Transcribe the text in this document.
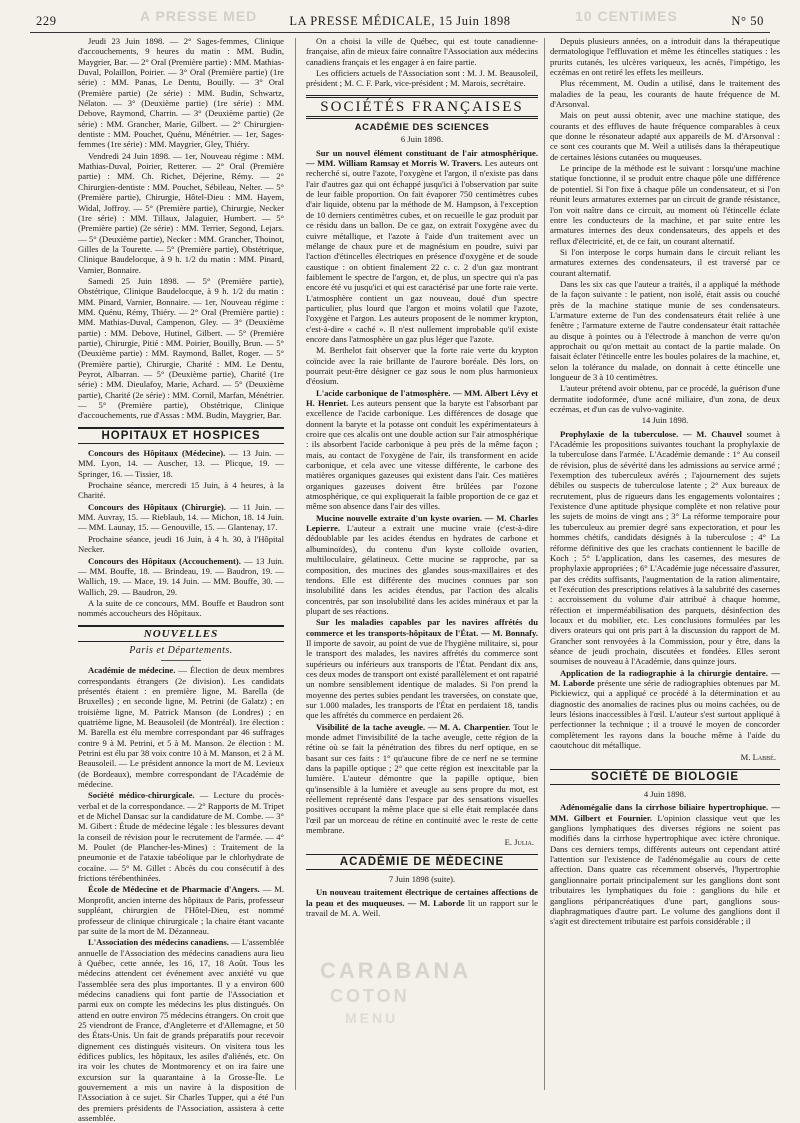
A PRESSE MED	10 CENTIMES
CARABANA
COTON
MENU
229	LA PRESSE MÉDICALE, 15 Juin 1898	N° 50

Jeudi 23 Juin 1898. — 2° Sages-femmes, Clinique d'accouchements, 9 heures du matin : MM. Budin, Maygrier, Bar. — 2° Oral (Première partie) : MM. Mathias-Duval, Polaillon, Poirier. — 3° Oral (Première partie) (1re série) : MM. Panas, Le Dentu, Bouilly. — 3° Oral (Première partie) (2e série) : MM. Budin, Schwartz, Nélaton. — 3° (Deuxième partie) (1re série) : MM. Debove, Raymond, Charrin. — 3° (Deuxième partie) (2e série) : MM. Grancher, Marie, Gilbert. — 2° Chirurgien-dentiste : MM. Pouchet, Quénu, Ménétrier. — 1er, Sages-femmes (1re série) : MM. Maygrier, Gley, Thiéry.

Vendredi 24 Juin 1898. — 1er, Nouveau régime : MM. Mathias-Duval, Poirier, Retterer. — 2° Oral (Première partie) : MM. Ch. Richet, Déjerine, Rémy. — 2° Chirurgien-dentiste : MM. Pouchet, Sébileau, Nelter. — 5° (Première partie), Chirurgie, Hôtel-Dieu : MM. Hayem, Widal, Joffroy. — 5° (Première partie), Chirurgie, Necker (1re série) : MM. Tillaux, Jalaguier, Humbert. — 5° (Première partie) (2e série) : MM. Terrier, Segond, Lejars. — 5° (Deuxième partie), Necker : MM. Grancher, Thoinot, Gilles de la Tourette. — 5° (Première partie), Obstétrique, Clinique Baudelocque, à 9 h. 1/2 du matin : MM. Pinard, Varnier, Bonnaire.

Samedi 25 Juin 1898. — 5° (Première partie), Obstétrique, Clinique Baudelocque, à 9 h. 1/2 du matin : MM. Pinard, Varnier, Bonnaire. — 1er, Nouveau régime : MM. Quénu, Rémy, Thiéry. — 2° Oral (Première partie) : MM. Mathias-Duval, Campenon, Gley. — 3° (Deuxième partie) : MM. Debove, Hutinel, Gilbert. — 5° (Première partie), Chirurgie, Pitié : MM. Poirier, Bouilly, Brun. — 5° (Deuxième partie) : MM. Raymond, Ballet, Roger. — 5° (Première partie), Chirurgie, Charité : MM. Le Dentu, Peyrot, Albarran. — 5° (Deuxième partie), Charité (1re série) : MM. Dieulafoy, Marie, Achard. — 5° (Deuxième partie), Charité (2e série) : MM. Cornil, Marfan, Ménétrier. — 5° (Première partie), Obstétrique, Clinique d'accouchements, rue d'Assas : MM. Budin, Maygrier, Bar.

HOPITAUX ET HOSPICES

Concours des Hôpitaux (Médecine). — 13 Juin. — MM. Lyon, 14. — Auscher, 13. — Plicque, 19. — Springer, 16. — Tissier, 18.

Prochaine séance, mercredi 15 Juin, à 4 heures, à la Charité.

Concours des Hôpitaux (Chirurgie). — 11 Juin. — MM. Auvray, 15. — Rieblaub, 14. — Michon, 18. 14 Juin. — MM. Launay, 15. — Genouville, 15. — Glantenay, 17.

Prochaine séance, jeudi 16 Juin, à 4 h. 30, à l'Hôpital Necker.

Concours des Hôpitaux (Accouchement). — 13 Juin. — MM. Bouffe, 18. — Brindeau, 19. — Baudron, 19. — Wallich, 19. — Mace, 19. 14 Juin. — MM. Bouffe, 30. — Wallich, 29. — Baudron, 29.

A la suite de ce concours, MM. Bouffe et Baudron sont nommés accoucheurs des Hôpitaux.

NOUVELLES
Paris et Départements.

Académie de médecine. — Élection de deux membres correspondants étrangers (2e division). Les candidats présentés étaient : en première ligne, M. Barella (de Bruxelles) ; en seconde ligne, M. Petrini (de Galatz) ; en troisième ligne, M. Patrick Manson (de Londres) ; en quatrième ligne, M. Beausoleil (de Montréal). 1re élection : M. Barella est élu membre correspondant par 46 suffrages contre 9 à M. Petrini, et 5 à M. Manson. 2e élection : M. Petrini est élu par 38 voix contre 10 à M. Manson, et 2 à M. Beausoleil. — Le président annonce la mort de M. Levieux (de Bordeaux), membre correspondant de l'Académie de médecine.

Société médico-chirurgicale. — Lecture du procès-verbal et de la correspondance. — 2° Rapports de M. Tripet et de Michel Dansac sur la candidature de M. Combe. — 3° M. Gibert : Étude de médecine légale : les blessures devant la conseil de révision pour le recrutement de l'armée. — 4° M. Poulet (de Plancher-les-Mines) : Traitement de la pneumonie et de l'ataxie tabéolique par le chlorhydrate de cocaïne. — 5° M. Gillet : Abcès du cou consécutif à des frictions térébenthinées.

École de Médecine et de Pharmacie d'Angers. — M. Monprofit, ancien interne des hôpitaux de Paris, professeur suppléant, chirurgien de l'Hôtel-Dieu, est nommé professeur de clinique chirurgicale ; la chaire étant vacante par suite de la mort de M. Dézanneau.

L'Association des médecins canadiens. — L'assemblée annuelle de l'Association des médecins canadiens aura lieu à Québec, cette année, les 16, 17, 18 Août. Tous les médecins attendent cet événement avec anxiété vu que l'assemblée sera des plus importantes. Il y a environ 600 médecins canadiens qui font partie de l'Association et parmi eux on compte les médecins les plus distingués. On attend en outre environ 75 médecins étrangers. On croit que 25 viendront de France, d'Angleterre et d'Allemagne, et 50 des États-Unis. Un fait de grands préparatifs pour recevoir dignement ces distingués visiteurs. On visitera tous les édifices publics, les hôpitaux, les asiles d'aliénés, etc. On ira voir les chutes de Montmorency et on ira faire une excursion sur la quarantaine à la Grosse-Île. Le gouvernement a mis un navire à la disposition de l'Association à ce sujet. Sir Charles Tupper, qui a été l'un des premiers présidents de l'Association, assistera à cette assemblée.

On a choisi la ville de Québec, qui est toute canadienne-française, afin de mieux faire connaître l'Association aux médecins canadiens français et les engager à en faire partie.

Les officiers actuels de l'Association sont : M. J. M. Beausoleil, président ; M. C. F. Park, vice-président ; M. Marois, secrétaire.

SOCIÉTÉS FRANÇAISES
ACADÉMIE DES SCIENCES
6 Juin 1898.

Sur un nouvel élément constituant de l'air atmosphérique. — MM. William Ramsay et Morris W. Travers. Les auteurs ont recherché si, outre l'azote, l'oxygène et l'argon, il n'existe pas dans l'air d'autres gaz qui ont échappé jusqu'ici à l'observation par suite de leur faible proportion. On fait évaporer 750 centimètres cubes d'air liquide, obtenu par la méthode de M. Hampson, à l'exception de 10 derniers centimètres cubes, et on recueille le gaz produit par ce résidu dans un ballon. De ce gaz, on extrait l'oxygène avec du cuivre métallique, et l'azote à l'aide d'un traitement avec un mélange de chaux pure et de magnésium en poudre, suivi par l'action d'étincelles électriques en présence d'oxygène et de soude caustique : on obtient finalement 22 c. c. 2 d'un gaz montrant faiblement le spectre de l'argon, et, de plus, un spectre qui n'a pas encore été vu jusqu'ici et qui est caractérisé par une forte raie verte. L'atmosphère contient un gaz nouveau, doué d'un spectre particulier, plus lourd que l'argon et moins volatil que l'azote, l'oxygène et l'argon. Les auteurs proposent de le nommer krypton, c'est-à-dire « caché ». Il n'est nullement improbable qu'il existe encore dans l'atmosphère un gaz plus léger que l'azote.

M. Berthelot fait observer que la forte raie verte du krypton coïncide avec la raie brillante de l'aurore boréale. Dès lors, on pourrait peut-être désigner ce gaz sous le nom plus harmonieux d'éosium.

L'acide carbonique de l'atmosphère. — MM. Albert Lévy et H. Henriet. Les auteurs pensent que la baryte est l'absorbant par excellence de l'acide carbonique. Les différences de dosage que donnent la baryte et la potasse ont conduit les expérimentateurs à croire que ces alcalis ont une double action sur l'air atmosphérique : ils absorbent l'acide carbonique à peu près de la même façon ; mais, au contact de l'oxygène de l'air, ils transforment en acide carbonique, et cela avec une vitesse différente, le carbone des matières organiques gazeuses qui existent dans l'air. Ces matières organiques gazeuses doivent être brûlées par l'ozone atmosphérique, ce qui expliquerait la faible proportion de ce gaz et même son absence dans l'air des villes.

Mucine nouvelle extraite d'un kyste ovarien. — M. Charles Lepierre. L'auteur a extrait une mucine vraie (c'est-à-dire dédoublable par les acides étendus en hydrates de carbone et albuminoïdes), du contenu d'un kyste colloïde ovarien, multiloculaire, gélatineux. Cette mucine se rapproche, par sa composition, des mucines des glandes sous-maxillaires et des tendons. Elle est différente des mucines connues par son insolubilité dans les acides étendus, par l'action des alcalis concentrés, par son insolubilité dans les acides minéraux et par la plupart de ses réactions.

Sur les maladies capables par les navires affrétés du commerce et les transports-hôpitaux de l'État. — M. Bonnafy. Il importe de savoir, au point de vue de l'hygiène militaire, si, pour le transport des malades, les navires affrétés du commerce sont supérieurs ou inférieurs aux transports de l'État. Pendant dix ans, ces deux modes de transport ont existé parallèlement et ont rapatrié un nombre sensiblement identique de malades. Si l'on prend la moyenne des pertes subies pendant les traversées, on constate que, sur 1.000 malades, les transports de l'État en perdaient 18, tandis que les affrétés du commerce en perdaient 26.

Visibilité de la tache aveugle. — M. A. Charpentier. Tout le monde admet l'invisibilité de la tache aveugle, cette région de la rétine où se fait la pénétration des fibres du nerf optique, en se basant sur ces faits : 1° qu'aucune fibre de ce nerf ne se termine dans la papille optique ; 2° que cette région est inexcitable par la lumière. L'auteur démontre que la papille optique, bien qu'insensible à la lumière et aveugle au sens propre du mot, est réellement représenté dans l'espace par des sensations visuelles positives occupant la même place que si elle était remplacée dans l'œil par un morceau de rétine en continuité avec le reste de cette membrane.

E. Julia.
ACADÉMIE DE MÉDECINE
7 Juin 1898 (suite).

Un nouveau traitement électrique de certaines affections de la peau et des muqueuses. — M. Laborde lit un rapport sur le travail de M. A. Weil.

Depuis plusieurs années, on a introduit dans la thérapeutique dermatologique l'effluvation et même les étincelles statiques : les prurits cutanés, les ulcères variqueux, les acnés, l'impétigo, les eczémas en ont retiré les effets les meilleurs.

Plus récemment, M. Oudin a utilisé, dans le traitement des maladies de la peau, les courants de haute fréquence de M. d'Arsonval.

Mais on peut aussi obtenir, avec une machine statique, des courants et des effluves de haute fréquence comparables à ceux que donne le résonateur adapté aux appareils de M. d'Arsonval : ce sont ces courants que M. Weil a utilisés dans la thérapeutique de certaines lésions cutanées ou muqueuses.

Le principe de la méthode est le suivant : lorsqu'une machine statique fonctionne, il se produit entre chaque pôle une différence de potentiel. Si l'on fixe à chaque pôle un condensateur, et si l'on réunit leurs armatures externes par un circuit de grande résistance, l'on voit naître dans ce circuit, au moment où l'étincelle éclate entre les conducteurs de la machine, et par suite entre les armatures internes des deux condensateurs, des appels et des reflux d'électricité, et, de ce fait, un courant alternatif.

Si l'on interpose le corps humain dans le circuit reliant les armatures externes des condensateurs, il est traversé par ce courant alternatif.

Dans les six cas que l'auteur a traités, il a appliqué la méthode de la façon suivante : le patient, non isolé, était assis ou couché près de la machine statique munie de ses condensateurs. L'armature externe de l'un des condensateurs était reliée à une fenêtre ; l'armature externe de l'autre condensateur était rattachée au disque à pointes ou à l'électrode à manchon de verre qu'on approchait ou qu'on mettait au contact de la partie malade. On faisait éclater l'étincelle entre les boules polaires de la machine, et, selon la tolérance du malade, on donnait à cette étincelle une longueur de 3 à 10 centimètres.

L'auteur prétend avoir obtenu, par ce procédé, la guérison d'une dermatite iodoformée, d'une acné miliaire, d'un zona, de deux eczémas, et d'un cas de vulvo-vaginite.

14 Juin 1898.

Prophylaxie de la tuberculose. — M. Chauvel soumet à l'Académie les propositions suivantes touchant la prophylaxie de la tuberculose dans l'armée. L'Académie demande : 1° Au conseil de révision, plus de sévérité dans les admissions au service armé ; l'exemption des tuberculeux avérés ; l'ajournement des sujets débiles ou suspects de tuberculose latente ; 2° Aux bureaux de recrutement, plus de rigueurs dans les engagements volontaires ; l'existence d'une aptitude physique complète et non relative pour les sujets de moins de vingt ans ; 3° La réforme temporaire pour les tuberculeux au premier degré sans expectoration, et pour les hommes chétifs, candidats désignés à la tuberculose ; 4° La réforme définitive des que les crachats contiennent le bacille de Koch ; 5° L'application, dans les casernes, des mesures de prophylaxie appropriées ; 6° L'Académie juge nécessaire d'assurer, par des crédits suffisants, l'augmentation de la ration alimentaire, et l'exécution des prescriptions relatives à la salubrité des casernes : accroissement du volume d'air attribué à chaque homme, réfection et imperméabilisation des parquets, désinfection des locaux et du mobilier, etc. Les conclusions formulées par les divers orateurs qui ont pris part à la discussion du rapport de M. Grancher sont renvoyées à la Commission, pour y être, dans la séance de jeudi prochain, discutées et fondées. Elles seront soumises de nouveau à l'Académie, dans quinze jours.

Application de la radiographie à la chirurgie dentaire. — M. Laborde présente une série de radiographies obtenues par M. Pickiewicz, qui a appliqué ce procédé à la détermination et au diagnostic des anomalies de racines plus ou moins cachées, ou de leurs lésions inaccessibles à l'œil. L'auteur s'est surtout appliqué à perfectionner la technique ; il a trouvé le moyen de concorder complètement les rayons dans la bouche même à l'aide du caoutchouc dit métallique.

M. Labbé.
SOCIÉTÉ DE BIOLOGIE
4 Juin 1898.

Adénomégalie dans la cirrhose biliaire hypertrophique. — MM. Gilbert et Fournier. L'opinion classique veut que les ganglions lymphatiques des diverses régions ne soient pas modifiés dans la cirrhose hypertrophique avec ictère chronique. Dans ces derniers temps, différents auteurs ont cependant attiré l'attention sur l'existence de l'adénomégalie au cours de cette affection. Dans quatre cas récemment observés, l'hypertrophie ganglionnaire portait principalement sur les ganglions dont sont tributaires les lymphatiques du foie : ganglions du hile et ganglions péripancréatiques d'une part, ganglions sous-diaphragmatiques d'autre part. Le volume des ganglions dont il s'agit est directement tributaire est parfois considérable ; il
